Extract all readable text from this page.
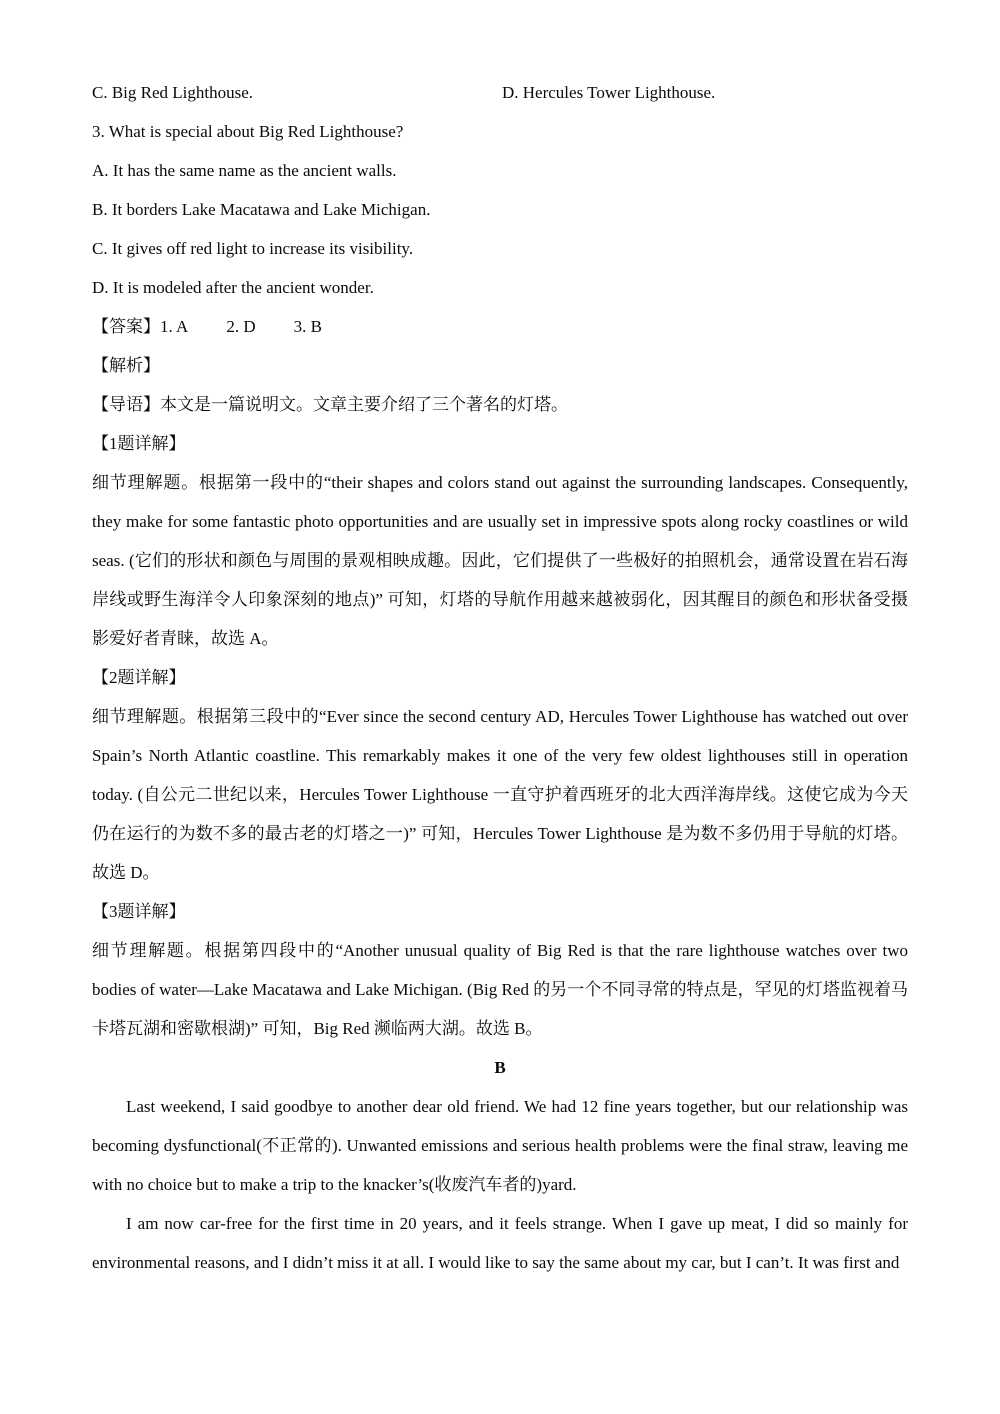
C. Big Red Lighthouse.	D. Hercules Tower Lighthouse.
3. What is special about Big Red Lighthouse?
A. It has the same name as the ancient walls.
B. It borders Lake Macatawa and Lake Michigan.
C. It gives off red light to increase its visibility.
D. It is modeled after the ancient wonder.
【答案】1. A 2. D 3. B
【解析】
【导语】本文是一篇说明文。文章主要介绍了三个著名的灯塔。
【1题详解】

细节理解题。根据第一段中的“their shapes and colors stand out against the surrounding landscapes. Consequently, they make for some fantastic photo opportunities and are usually set in impressive spots along rocky coastlines or wild seas. (它们的形状和颜色与周围的景观相映成趣。因此，它们提供了一些极好的拍照机会，通常设置在岩石海岸线或野生海洋令人印象深刻的地点)” 可知，灯塔的导航作用越来越被弱化，因其醒目的颜色和形状备受摄影爱好者青睐，故选 A。

【2题详解】

细节理解题。根据第三段中的“Ever since the second century AD, Hercules Tower Lighthouse has watched out over Spain’s North Atlantic coastline. This remarkably makes it one of the very few oldest lighthouses still in operation today. (自公元二世纪以来，Hercules Tower Lighthouse 一直守护着西班牙的北大西洋海岸线。这使它成为今天仍在运行的为数不多的最古老的灯塔之一)” 可知，Hercules Tower Lighthouse 是为数不多仍用于导航的灯塔。故选 D。

【3题详解】

细节理解题。根据第四段中的“Another unusual quality of Big Red is that the rare lighthouse watches over two bodies of water—Lake Macatawa and Lake Michigan. (Big Red 的另一个不同寻常的特点是，罕见的灯塔监视着马卡塔瓦湖和密歇根湖)” 可知，Big Red 濒临两大湖。故选 B。

B

Last weekend, I said goodbye to another dear old friend. We had 12 fine years together, but our relationship was becoming dysfunctional(不正常的). Unwanted emissions and serious health problems were the final straw, leaving me with no choice but to make a trip to the knacker’s(收废汽车者的)yard.

I am now car-free for the first time in 20 years, and it feels strange. When I gave up meat, I did so mainly for environmental reasons, and I didn’t miss it at all. I would like to say the same about my car, but I can’t. It was first and
